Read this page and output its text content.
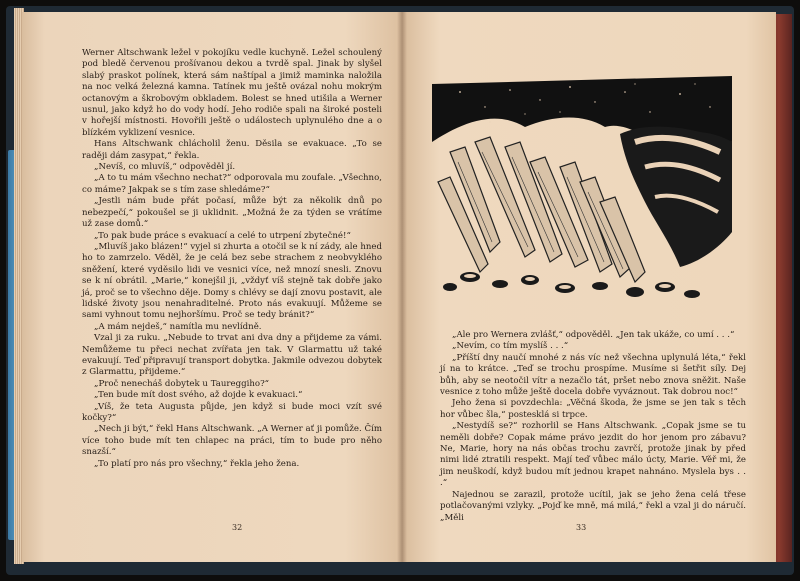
Werner Altschwank ležel v pokojíku vedle kuchyně. Ležel schoulený pod bledě červenou prošívanou dekou a tvrdě spal. Jinak by slyšel slabý praskot polínek, která sám naštípal a jimiž maminka naložila na noc velká železná kamna. Tatínek mu ještě ovázal nohu mokrým octanovým a škrobovým obkladem. Bolest se hned utišila a Werner usnul, jako když ho do vody hodí. Jeho rodiče spali na široké posteli v hořejší místnosti. Hovořili ještě o událostech uplynulého dne a o blízkém vyklizení vesnice.

Hans Altschwank chlácholil ženu. Děsila se evakuace. „To se raději dám zasypat,“ řekla.

„Nevíš, co mluvíš,“ odpověděl jí.

„A to tu mám všechno nechat?“ odporovala mu zoufale. „Všechno, co máme? Jakpak se s tím zase shledáme?“

„Jestli nám bude přát počasí, může být za několik dnů po nebezpečí,“ pokoušel se ji uklidnit. „Možná že za týden se vrátíme už zase domů.“

„To pak bude práce s evakuací a celé to utrpení zbytečné!“

„Mluvíš jako blázen!“ vyjel si zhurta a otočil se k ní zády, ale hned ho to zamrzelo. Věděl, že je celá bez sebe strachem z neobvyklého sněžení, které vyděsilo lidi ve vesnici více, než mnozí snesli. Znovu se k ní obrátil. „Marie,“ konejšil ji, „vždyť víš stejně tak dobře jako já, proč se to všechno děje. Domy s chlévy se dají znovu postavit, ale lidské životy jsou nenahraditelné. Proto nás evakuují. Můžeme se sami vyhnout tomu nejhoršímu. Proč se tedy bránit?“

„A mám nejdeš,“ namítla mu nevlídně.

Vzal ji za ruku. „Nebude to trvat ani dva dny a přijdeme za vámi. Nemůžeme tu přeci nechat zvířata jen tak. V Glarmattu už také evakuují. Teď připravují transport dobytka. Jakmile odvezou dobytek z Glarmattu, přijdeme.“

„Proč nenecháš dobytek u Taureggiho?“

„Ten bude mít dost svého, až dojde k evakuaci.“

„Víš, že teta Augusta půjde, jen když si bude moci vzít své kočky?“

„Nech ji být,“ řekl Hans Altschwank. „A Werner ať ji pomůže. Čím více toho bude mít ten chlapec na práci, tím to bude pro něho snazší.“

„To platí pro nás pro všechny,“ řekla jeho žena.

32

„Ale pro Wernera zvlášť,“ odpověděl. „Jen tak ukáže, co umí . . .“

„Nevím, co tím myslíš . . .“

„Příští dny naučí mnohé z nás víc než všechna uplynulá léta,“ řekl jí na to krátce. „Teď se trochu prospíme. Musíme si šetřit síly. Dej bůh, aby se neotočil vítr a nezačlo tát, pršet nebo znova sněžit. Naše vesnice z toho může ještě docela dobře vyváznout. Tak dobrou noc!“

Jeho žena si povzdechla: „Věčná škoda, že jsme se jen tak s těch hor vůbec šla,“ postesklá si trpce.

„Nestydíš se?“ rozhorlil se Hans Altschwank. „Copak jsme se tu neměli dobře? Copak máme právo jezdit do hor jenom pro zábavu? Ne, Marie, hory na nás občas trochu zavrčí, protože jinak by před nimi lidé ztratili respekt. Mají teď vůbec málo úcty, Marie. Věř mi, že jim neuškodí, když budou mít jednou krapet nahnáno. Myslela bys . . .“

Najednou se zarazil, protože ucítil, jak se jeho žena celá třese potlačovanými vzlyky. „Pojď ke mně, má milá,“ řekl a vzal ji do náručí. „Měli

33
